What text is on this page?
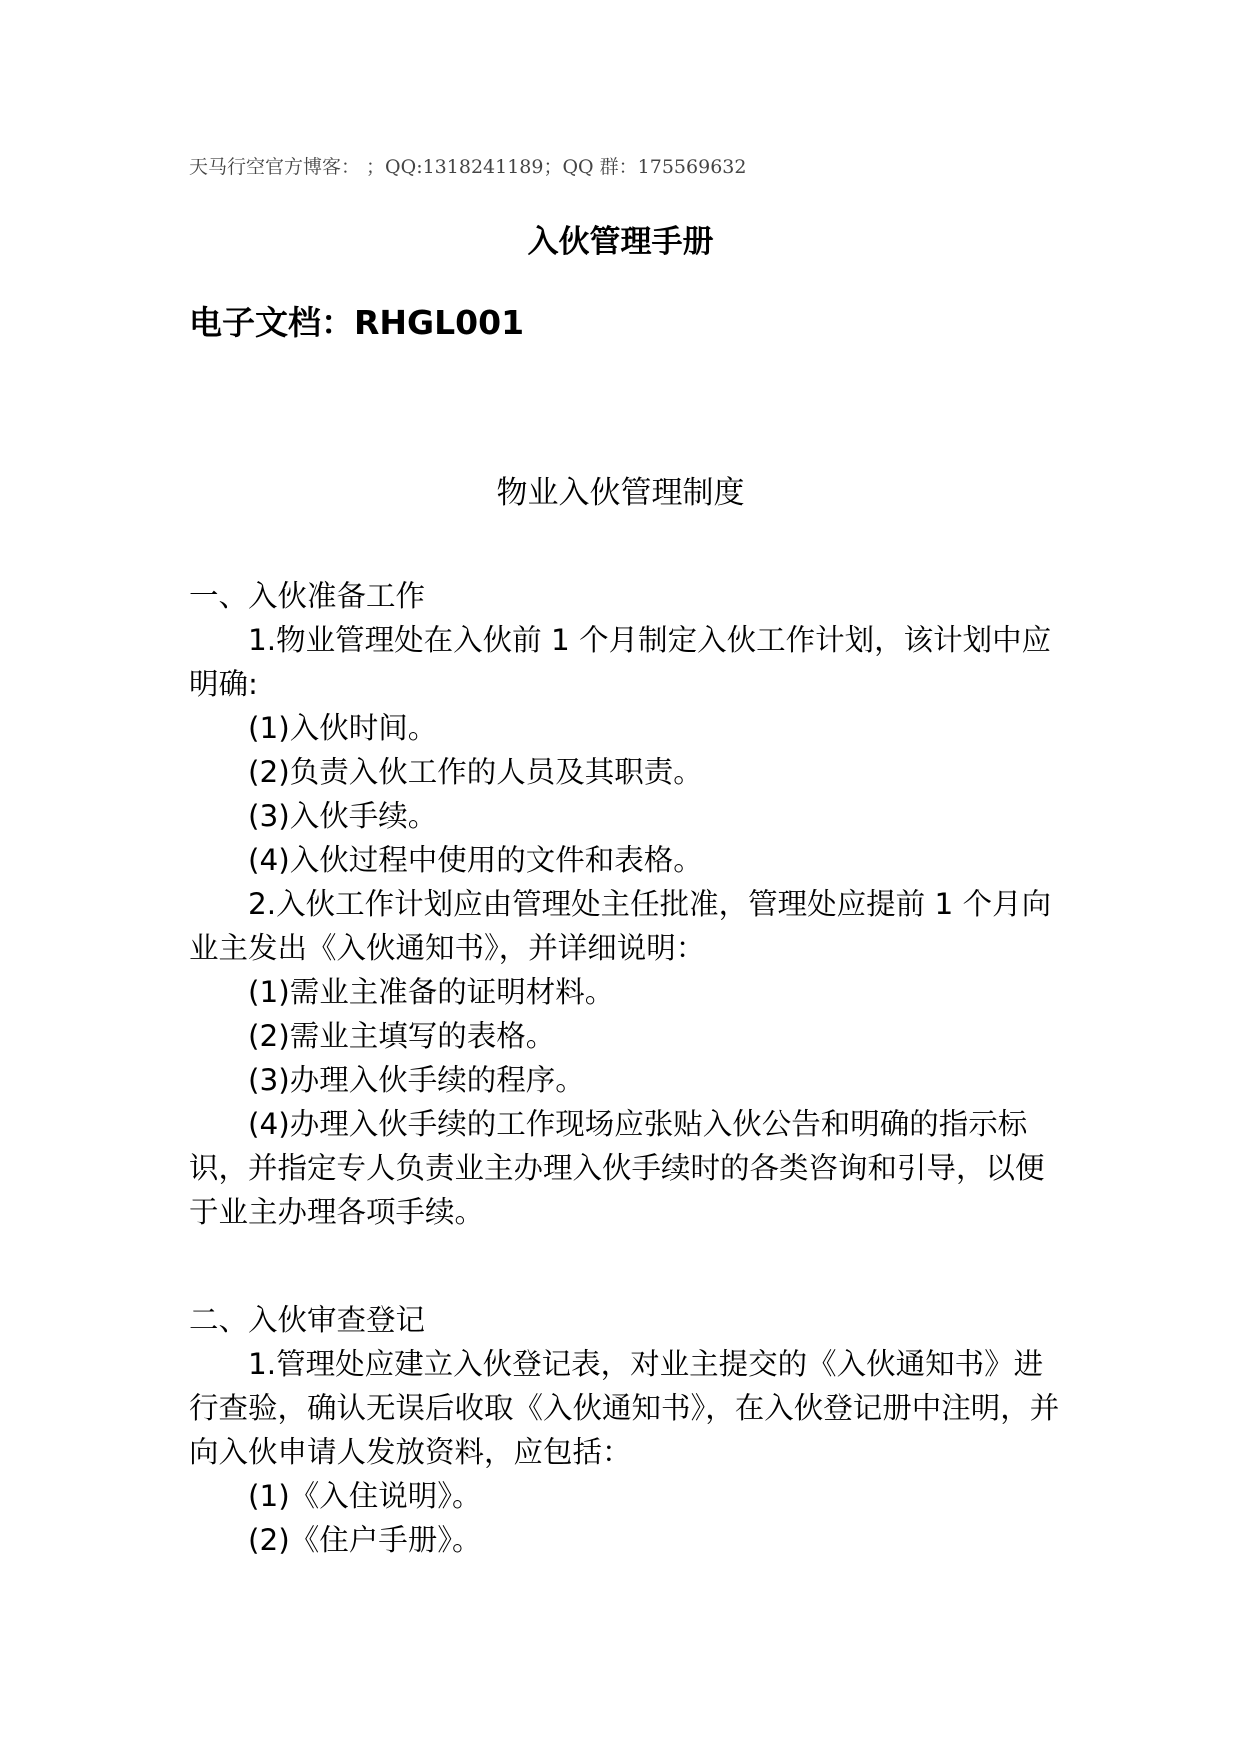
天马行空官方博客： ；QQ:1318241189；QQ 群：175569632
入伙管理手册
电子文档：RHGL001
物业入伙管理制度

一、入伙准备工作

1.物业管理处在入伙前 1 个月制定入伙工作计划，该计划中应明确:

(1)入伙时间。

(2)负责入伙工作的人员及其职责。

(3)入伙手续。

(4)入伙过程中使用的文件和表格。

2.入伙工作计划应由管理处主任批准，管理处应提前 1 个月向业主发出《入伙通知书》，并详细说明：

(1)需业主准备的证明材料。

(2)需业主填写的表格。

(3)办理入伙手续的程序。

(4)办理入伙手续的工作现场应张贴入伙公告和明确的指示标识，并指定专人负责业主办理入伙手续时的各类咨询和引导，以便于业主办理各项手续。

二、入伙审查登记

1.管理处应建立入伙登记表，对业主提交的《入伙通知书》进行查验，确认无误后收取《入伙通知书》，在入伙登记册中注明，并向入伙申请人发放资料，应包括：

(1)《入住说明》。

(2)《住户手册》。
